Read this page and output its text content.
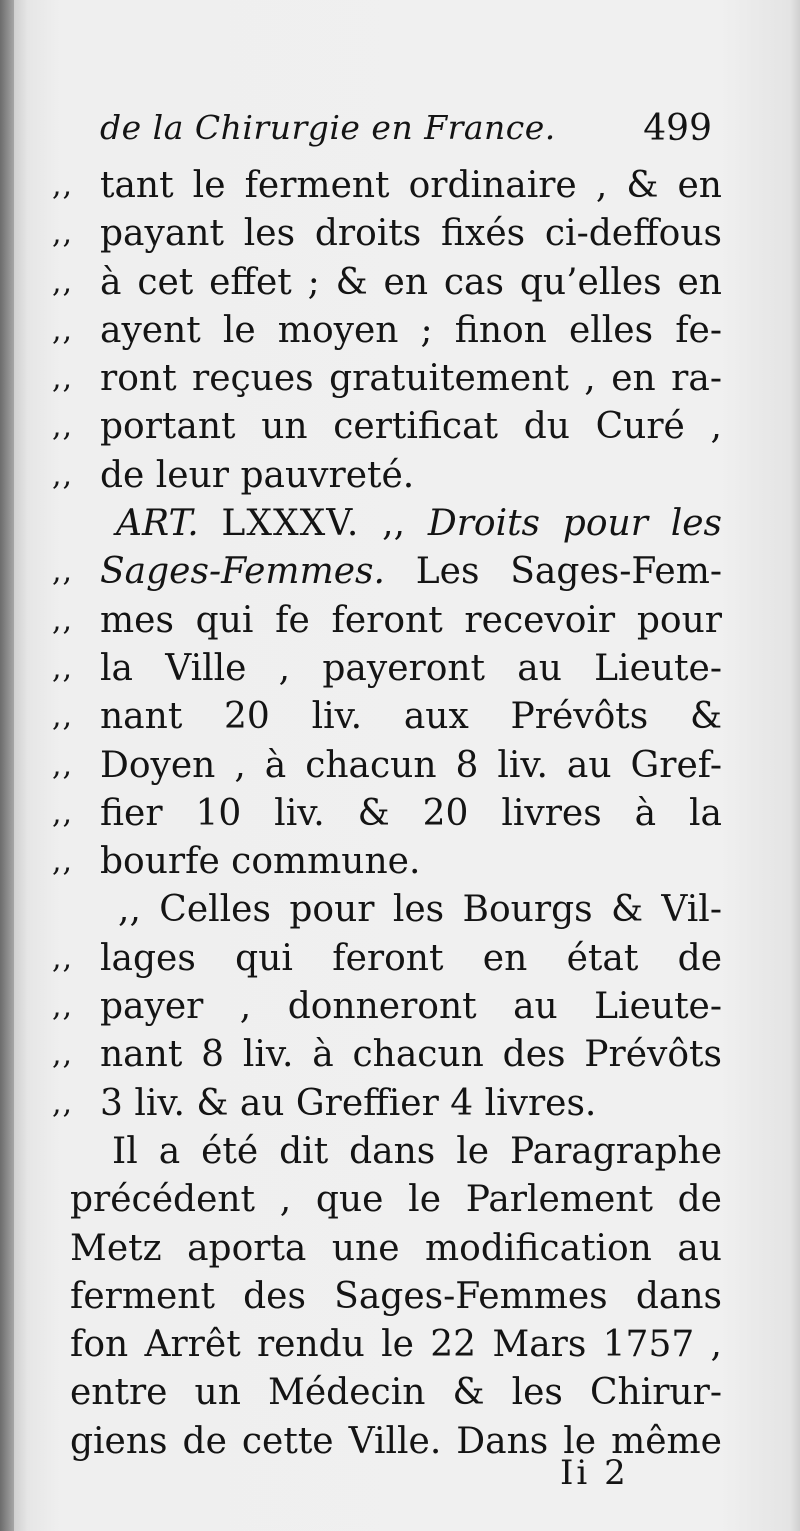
de la Chirurgie en France. 499
,, tant le ferment ordinaire , & en
,, payant les droits fixés ci-deffous
,, à cet effet ; & en cas qu’elles en
,, ayent le moyen ; finon elles fe-
,, ront reçues gratuitement , en ra-
,, portant un certificat du Curé ,
,, de leur pauvreté.
ART. LXXXV. ,, Droits pour les
,, Sages-Femmes. Les Sages-Fem-
,, mes qui fe feront recevoir pour
,, la Ville , payeront au Lieute-
,, nant 20 liv. aux Prévôts &
,, Doyen , à chacun 8 liv. au Gref-
,, fier 10 liv. & 20 livres à la
,, bourfe commune.
,, Celles pour les Bourgs & Vil-
,, lages qui feront en état de
,, payer , donneront au Lieute-
,, nant 8 liv. à chacun des Prévôts
,, 3 liv. & au Greffier 4 livres.
Il a été dit dans le Paragraphe
précédent , que le Parlement de
Metz aporta une modification au
ferment des Sages-Femmes dans
fon Arrêt rendu le 22 Mars 1757 ,
entre un Médecin & les Chirur-
giens de cette Ville. Dans le même
Ii 2
